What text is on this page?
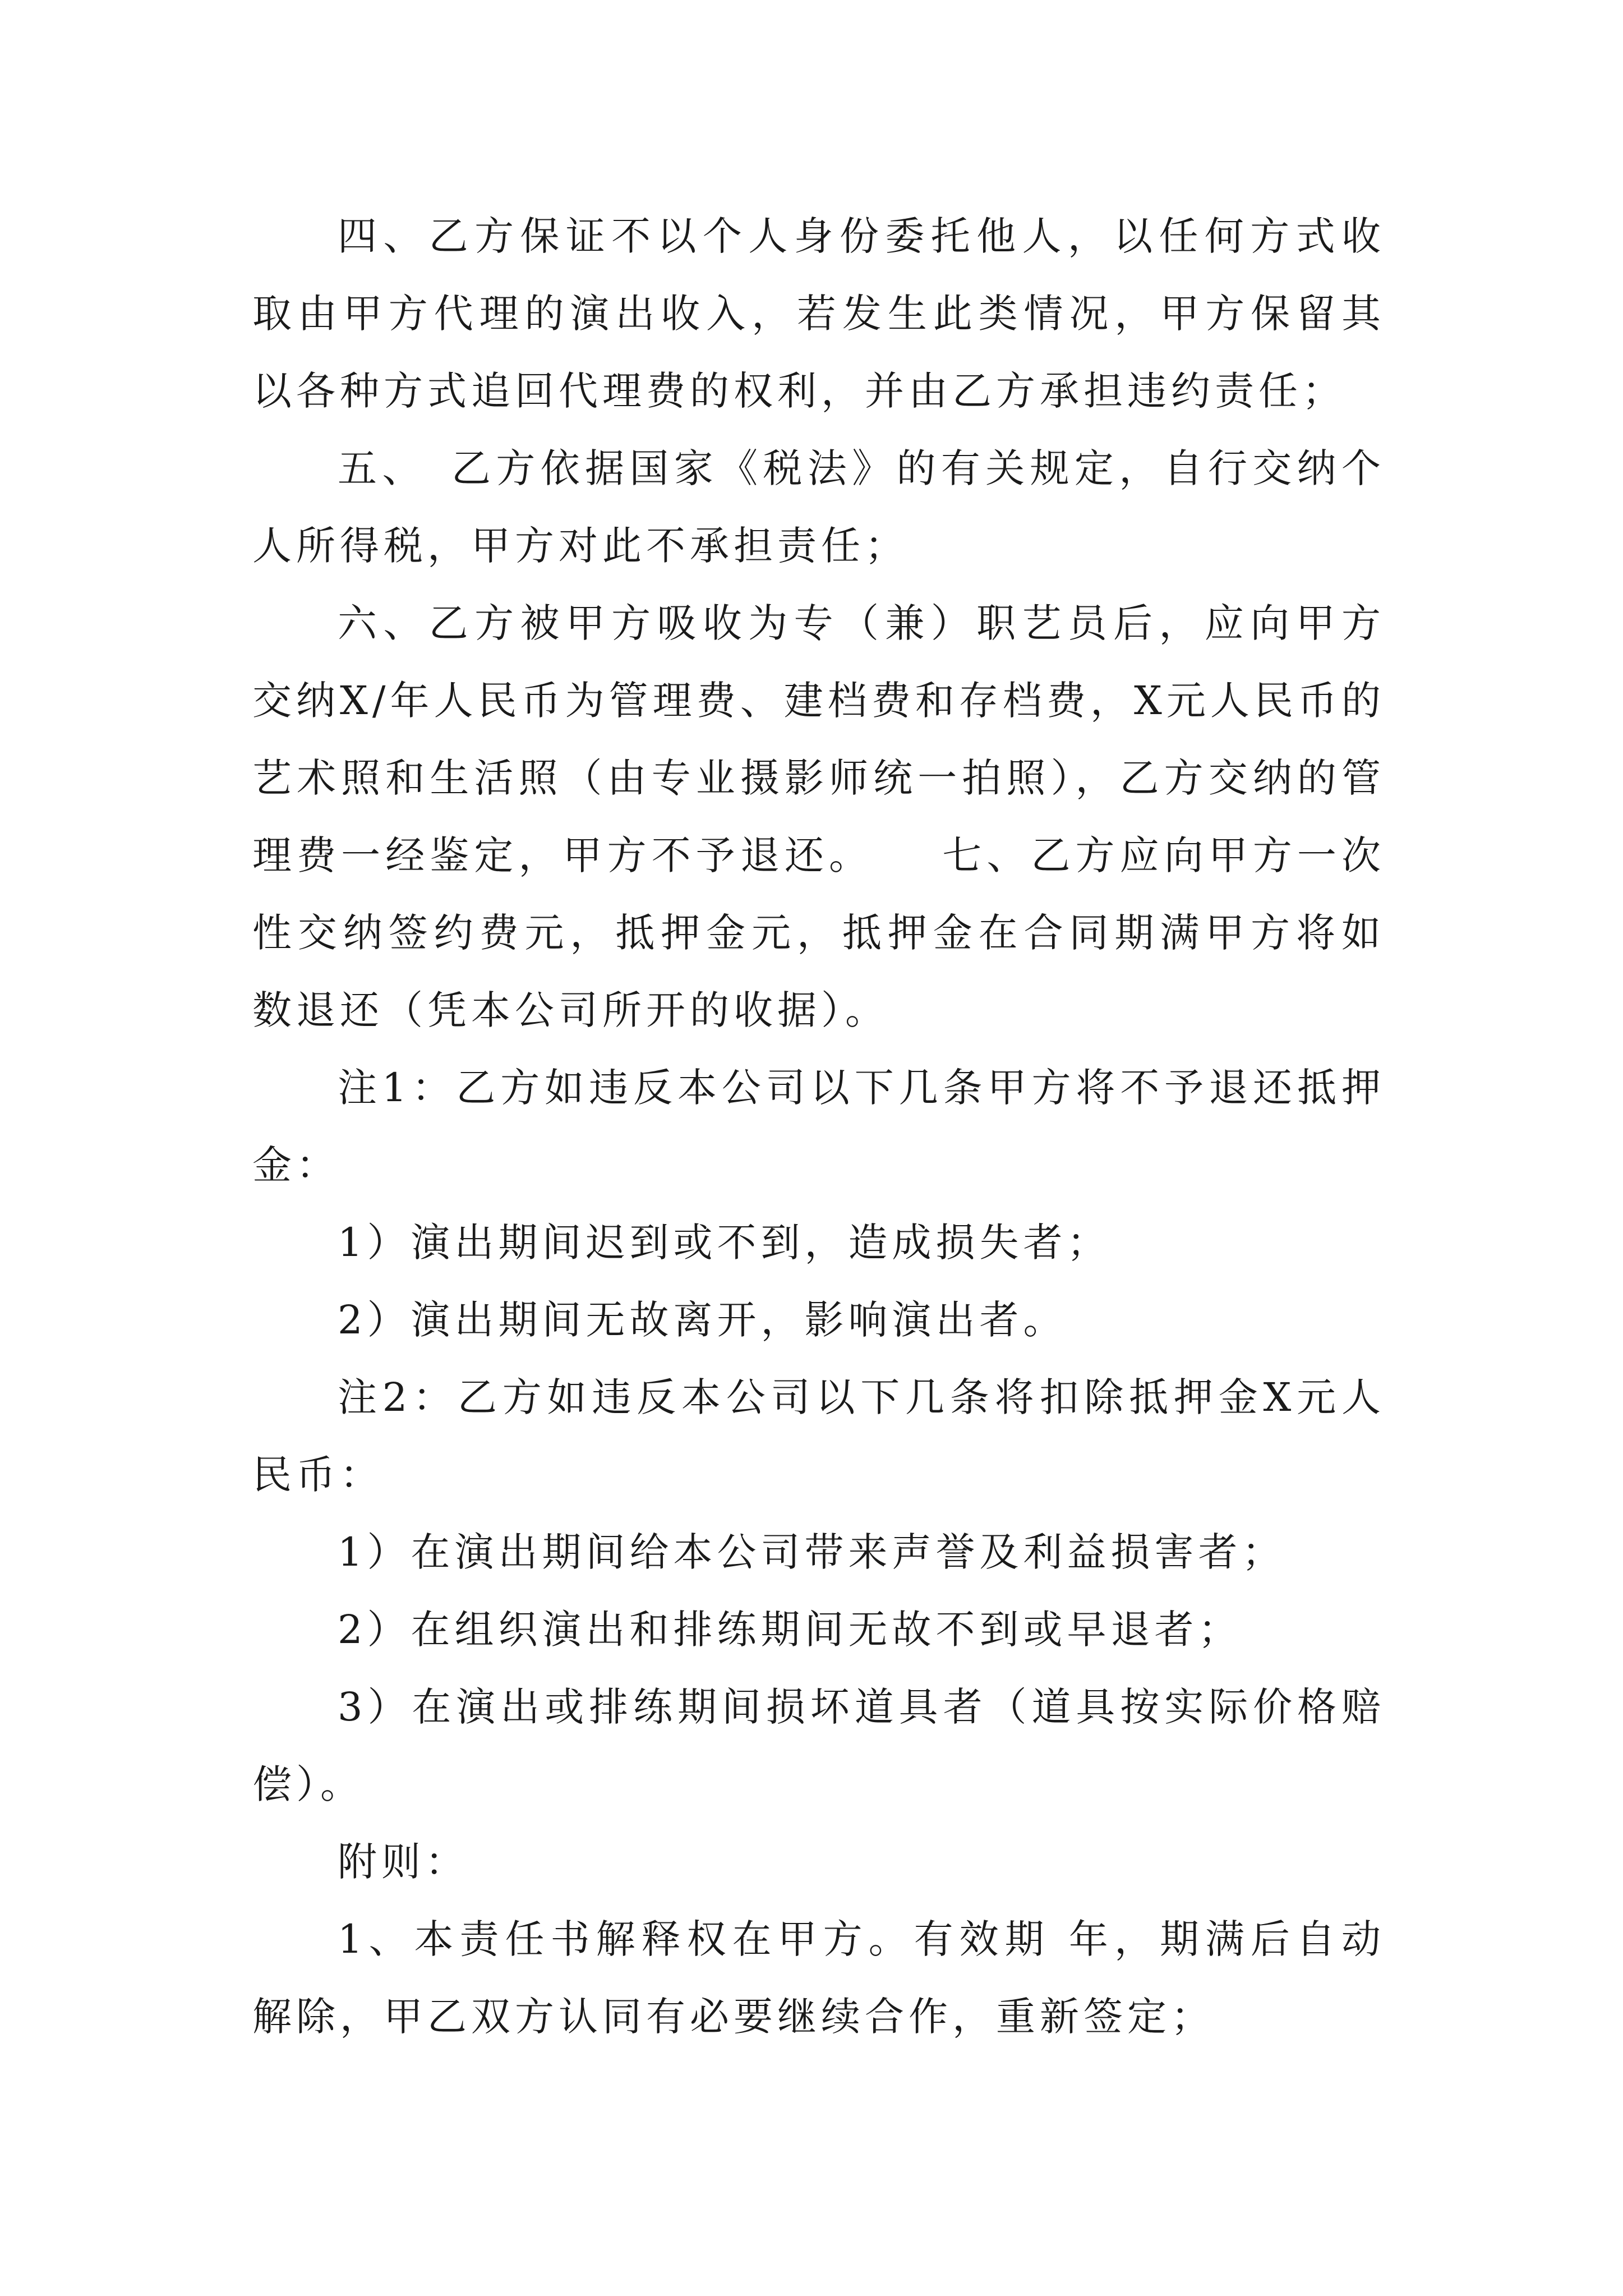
四、乙方保证不以个人身份委托他人，以任何方式收取由甲方代理的演出收入，若发生此类情况，甲方保留其以各种方式追回代理费的权利，并由乙方承担违约责任；

五、　乙方依据国家《税法》的有关规定，自行交纳个人所得税，甲方对此不承担责任；

六、乙方被甲方吸收为专（兼）职艺员后，应向甲方交纳X/年人民币为管理费、建档费和存档费，X元人民币的艺术照和生活照（由专业摄影师统一拍照），乙方交纳的管理费一经鉴定，甲方不予退还。　　七、乙方应向甲方一次性交纳签约费元，抵押金元，抵押金在合同期满甲方将如数退还（凭本公司所开的收据）。

注1：乙方如违反本公司以下几条甲方将不予退还抵押金：

1）演出期间迟到或不到，造成损失者；

2）演出期间无故离开，影响演出者。

注2：乙方如违反本公司以下几条将扣除抵押金X元人民币：

1）在演出期间给本公司带来声誉及利益损害者；

2）在组织演出和排练期间无故不到或早退者；

3）在演出或排练期间损坏道具者（道具按实际价格赔偿）。

附则：

1、本责任书解释权在甲方。有效期 年，期满后自动解除，甲乙双方认同有必要继续合作，重新签定；
